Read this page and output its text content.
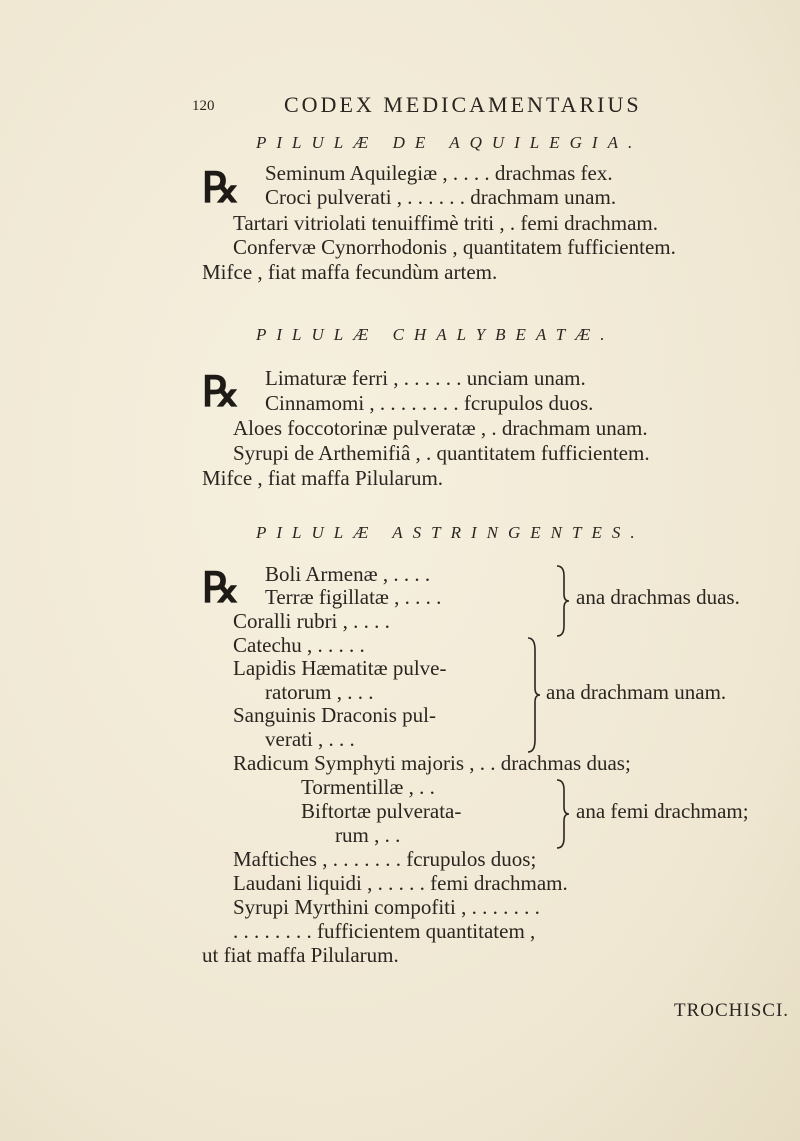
120	CODEX MEDICAMENTARIUS
PILULÆ DE AQUILEGIA.
℞ Seminum Aquilegiæ , . . . . drachmas fex.
Croci pulverati , . . . . . . drachmam unam.
Tartari vitriolati tenuiffimè triti , . femi drachmam.
Confervæ Cynorrhodonis , quantitatem fufficientem.
Mifce , fiat maffa fecundùm artem.
PILULÆ CHALYBEATÆ.
℞ Limaturæ ferri , . . . . . . unciam unam.
Cinnamomi , . . . . . . . . fcrupulos duos.
Aloes foccotorinæ pulveratæ , . drachmam unam.
Syrupi de Arthemifiâ , . quantitatem fufficientem.
Mifce , fiat maffa Pilularum.
PILULÆ ASTRINGENTES.
℞ Boli Armenæ , . . . .
Terræ figillatæ , . . . .
Coralli rubri , . . . .
ana drachmas duas.
Catechu , . . . . .
Lapidis Hæmatitæ pulve-
ratorum , . . .
Sanguinis Draconis pul-
verati , . . .
ana drachmam unam.
Radicum Symphyti majoris , . . drachmas duas;
Tormentillæ , . .
Biftortæ pulverata-
rum , . .
ana femi drachmam;
Maftiches , . . . . . . . fcrupulos duos;
Laudani liquidi , . . . . . femi drachmam.
Syrupi Myrthini compofiti , . . . . . . .
. . . . . . . . fufficientem quantitatem ,
ut fiat maffa Pilularum.
TROCHISCI.
